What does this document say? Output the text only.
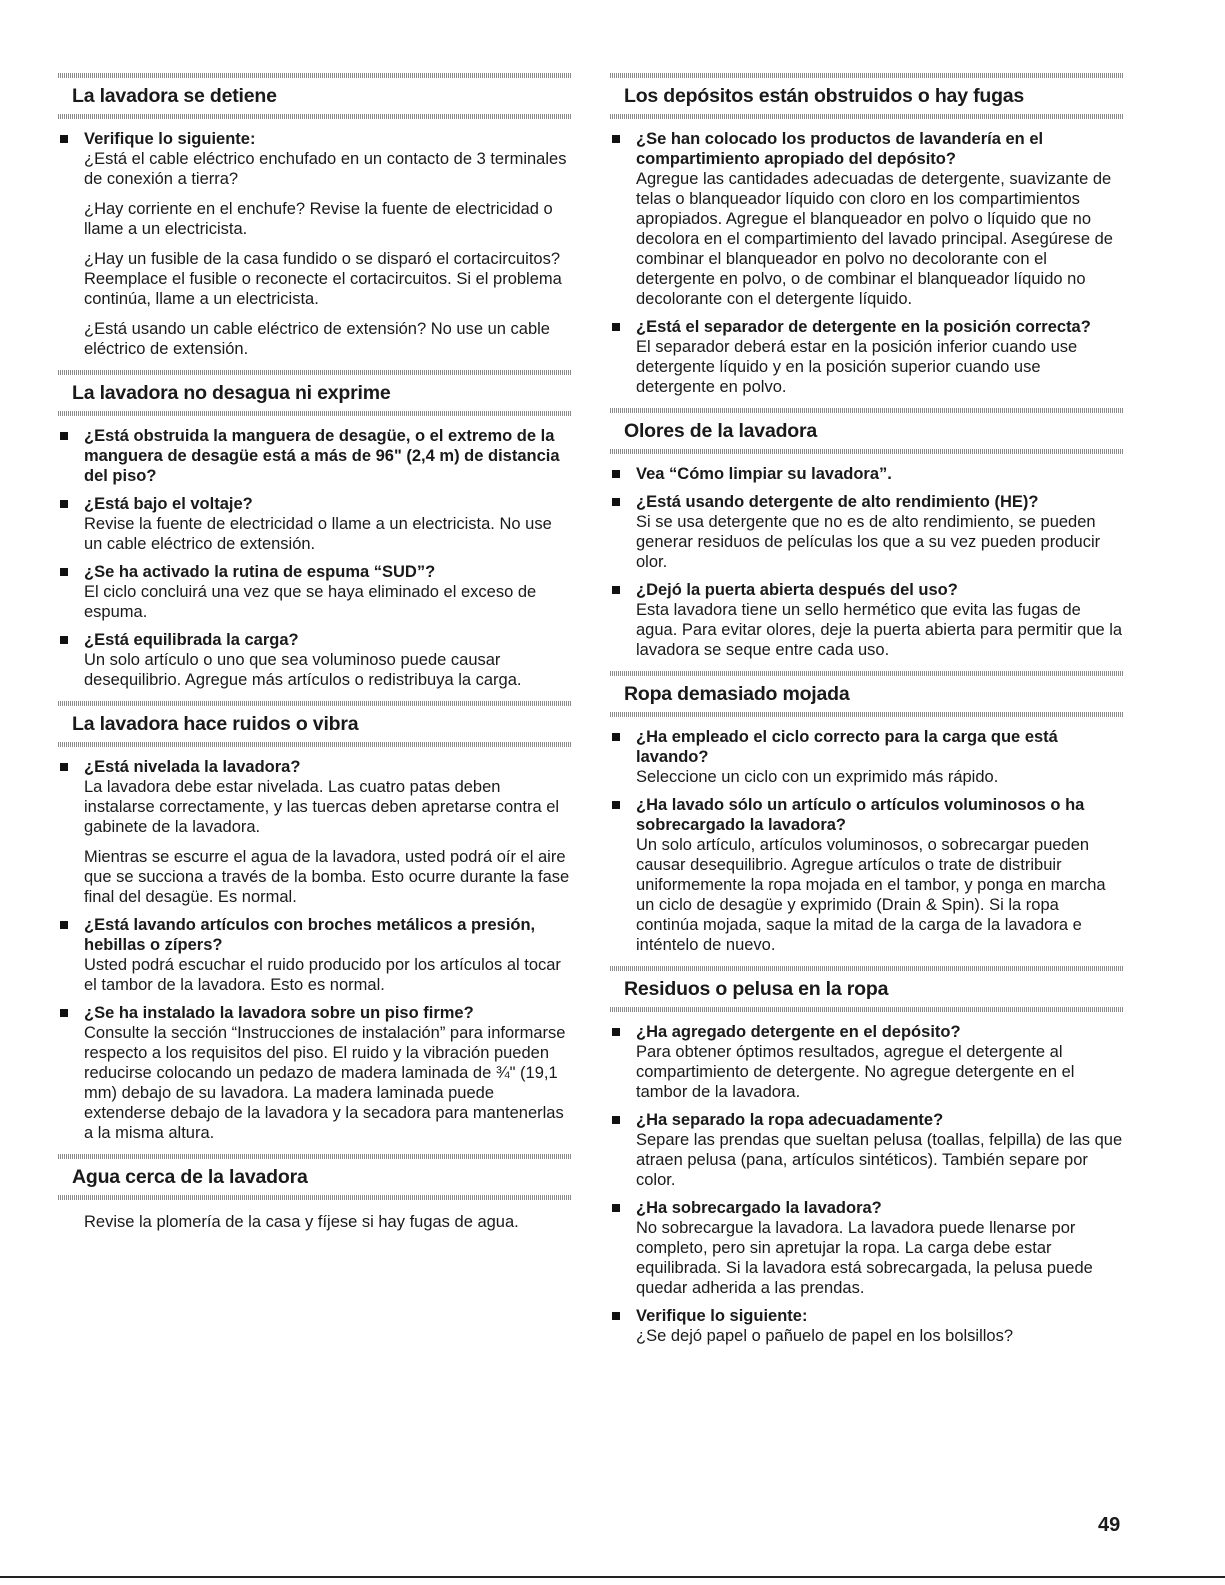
La lavadora se detiene

Verifique lo siguiente:

¿Está el cable eléctrico enchufado en un contacto de 3 terminales de conexión a tierra?

¿Hay corriente en el enchufe? Revise la fuente de electricidad o llame a un electricista.

¿Hay un fusible de la casa fundido o se disparó el cortacircuitos? Reemplace el fusible o reconecte el cortacircuitos. Si el problema continúa, llame a un electricista.

¿Está usando un cable eléctrico de extensión? No use un cable eléctrico de extensión.

La lavadora no desagua ni exprime

¿Está obstruida la manguera de desagüe, o el extremo de la manguera de desagüe está a más de 96" (2,4 m) de distancia del piso?

¿Está bajo el voltaje?

Revise la fuente de electricidad o llame a un electricista. No use un cable eléctrico de extensión.

¿Se ha activado la rutina de espuma “SUD”?

El ciclo concluirá una vez que se haya eliminado el exceso de espuma.

¿Está equilibrada la carga?

Un solo artículo o uno que sea voluminoso puede causar desequilibrio. Agregue más artículos o redistribuya la carga.

La lavadora hace ruidos o vibra

¿Está nivelada la lavadora?

La lavadora debe estar nivelada. Las cuatro patas deben instalarse correctamente, y las tuercas deben apretarse contra el gabinete de la lavadora.

Mientras se escurre el agua de la lavadora, usted podrá oír el aire que se succiona a través de la bomba. Esto ocurre durante la fase final del desagüe. Es normal.

¿Está lavando artículos con broches metálicos a presión, hebillas o zípers?

Usted podrá escuchar el ruido producido por los artículos al tocar el tambor de la lavadora. Esto es normal.

¿Se ha instalado la lavadora sobre un piso firme?

Consulte la sección “Instrucciones de instalación” para informarse respecto a los requisitos del piso. El ruido y la vibración pueden reducirse colocando un pedazo de madera laminada de ¾" (19,1 mm) debajo de su lavadora. La madera laminada puede extenderse debajo de la lavadora y la secadora para mantenerlas a la misma altura.

Agua cerca de la lavadora

Revise la plomería de la casa y fíjese si hay fugas de agua.

Los depósitos están obstruidos o hay fugas

¿Se han colocado los productos de lavandería en el compartimiento apropiado del depósito?

Agregue las cantidades adecuadas de detergente, suavizante de telas o blanqueador líquido con cloro en los compartimientos apropiados. Agregue el blanqueador en polvo o líquido que no decolora en el compartimiento del lavado principal. Asegúrese de combinar el blanqueador en polvo no decolorante con el detergente en polvo, o de combinar el blanqueador líquido no decolorante con el detergente líquido.

¿Está el separador de detergente en la posición correcta?

El separador deberá estar en la posición inferior cuando use detergente líquido y en la posición superior cuando use detergente en polvo.

Olores de la lavadora

Vea “Cómo limpiar su lavadora”.

¿Está usando detergente de alto rendimiento (HE)?

Si se usa detergente que no es de alto rendimiento, se pueden generar residuos de películas los que a su vez pueden producir olor.

¿Dejó la puerta abierta después del uso?

Esta lavadora tiene un sello hermético que evita las fugas de agua. Para evitar olores, deje la puerta abierta para permitir que la lavadora se seque entre cada uso.

Ropa demasiado mojada

¿Ha empleado el ciclo correcto para la carga que está lavando?

Seleccione un ciclo con un exprimido más rápido.

¿Ha lavado sólo un artículo o artículos voluminosos o ha sobrecargado la lavadora?

Un solo artículo, artículos voluminosos, o sobrecargar pueden causar desequilibrio. Agregue artículos o trate de distribuir uniformemente la ropa mojada en el tambor, y ponga en marcha un ciclo de desagüe y exprimido (Drain & Spin). Si la ropa continúa mojada, saque la mitad de la carga de la lavadora e inténtelo de nuevo.

Residuos o pelusa en la ropa

¿Ha agregado detergente en el depósito?

Para obtener óptimos resultados, agregue el detergente al compartimiento de detergente. No agregue detergente en el tambor de la lavadora.

¿Ha separado la ropa adecuadamente?

Separe las prendas que sueltan pelusa (toallas, felpilla) de las que atraen pelusa (pana, artículos sintéticos). También separe por color.

¿Ha sobrecargado la lavadora?

No sobrecargue la lavadora. La lavadora puede llenarse por completo, pero sin apretujar la ropa. La carga debe estar equilibrada. Si la lavadora está sobrecargada, la pelusa puede quedar adherida a las prendas.

Verifique lo siguiente:

¿Se dejó papel o pañuelo de papel en los bolsillos?

49
